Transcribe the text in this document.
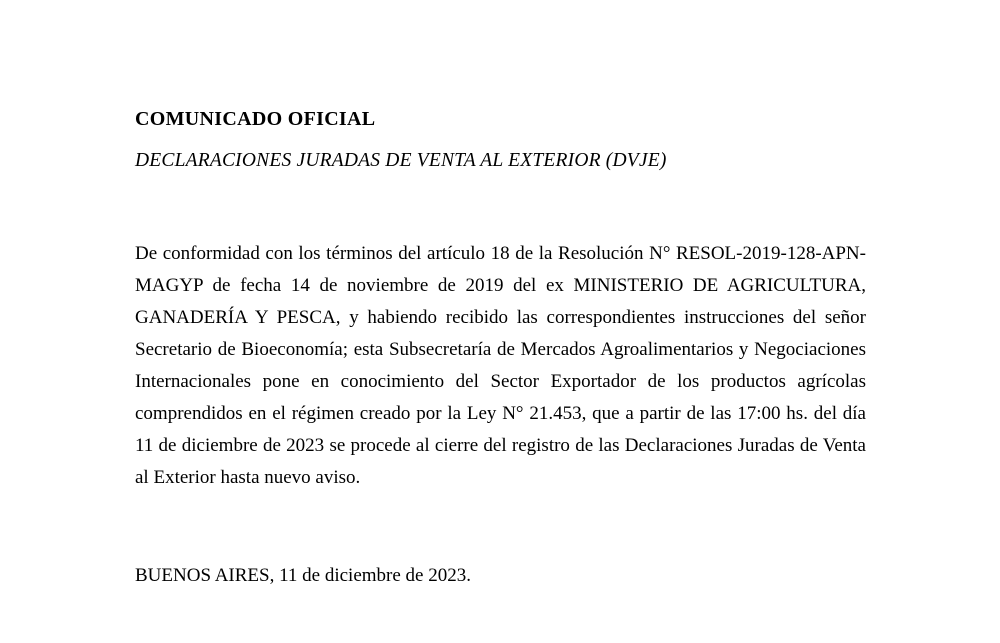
COMUNICADO OFICIAL
DECLARACIONES JURADAS DE VENTA AL EXTERIOR (DVJE)

De conformidad con los términos del artículo 18 de la Resolución N° RESOL-2019-128-APN-MAGYP de fecha 14 de noviembre de 2019 del ex MINISTERIO DE AGRICULTURA, GANADERÍA Y PESCA, y habiendo recibido las correspondientes instrucciones del señor Secretario de Bioeconomía; esta Subsecretaría de Mercados Agroalimentarios y Negociaciones Internacionales pone en conocimiento del Sector Exportador de los productos agrícolas comprendidos en el régimen creado por la Ley N° 21.453, que a partir de las 17:00 hs. del día 11 de diciembre de 2023 se procede al cierre del registro de las Declaraciones Juradas de Venta al Exterior hasta nuevo aviso.

BUENOS AIRES, 11 de diciembre de 2023.
